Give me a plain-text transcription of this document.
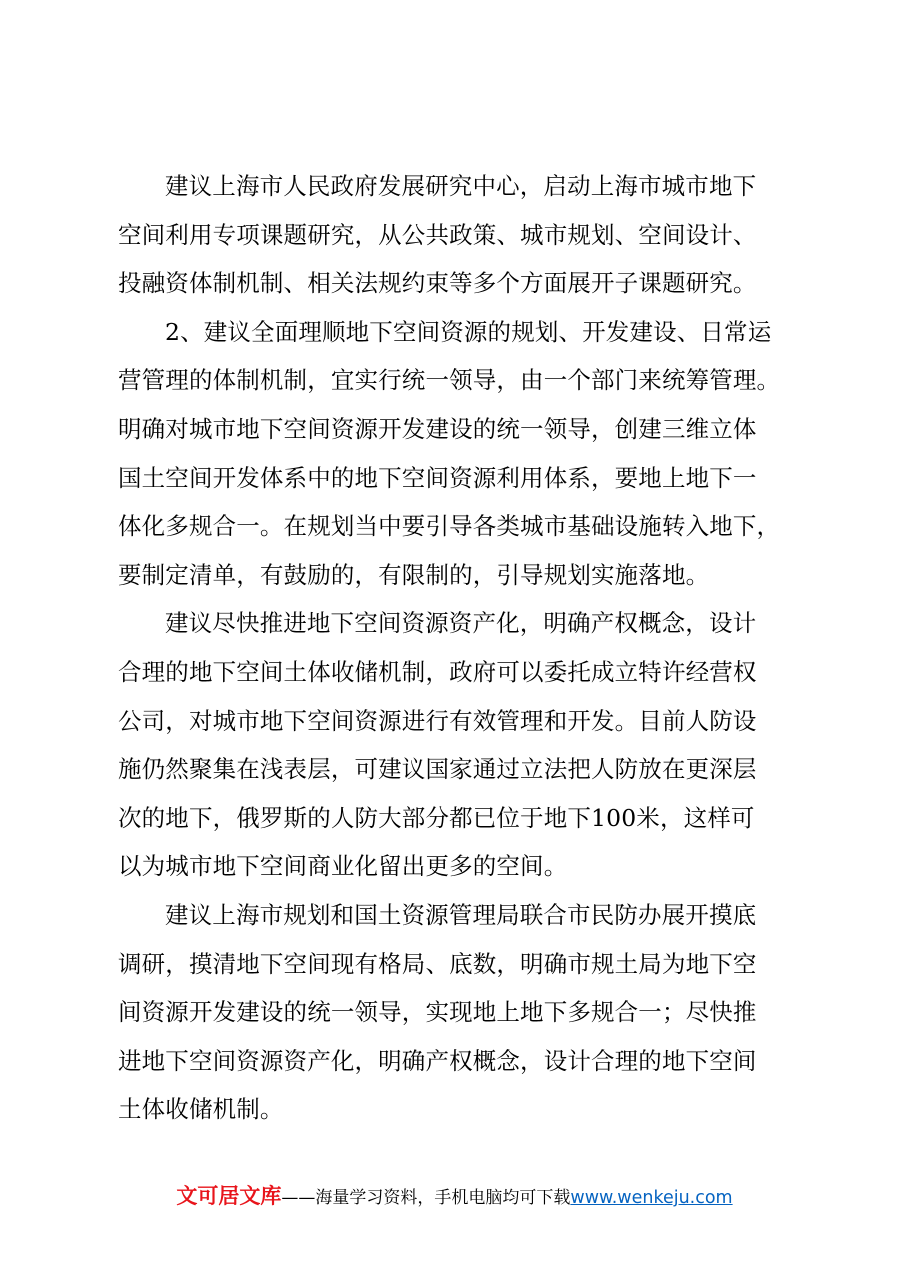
建议上海市人民政府发展研究中心，启动上海市城市地下
空间利用专项课题研究，从公共政策、城市规划、空间设计、
投融资体制机制、相关法规约束等多个方面展开子课题研究。
2、建议全面理顺地下空间资源的规划、开发建设、日常运
营管理的体制机制，宜实行统一领导，由一个部门来统筹管理。
明确对城市地下空间资源开发建设的统一领导，创建三维立体
国土空间开发体系中的地下空间资源利用体系，要地上地下一
体化多规合一。在规划当中要引导各类城市基础设施转入地下，
要制定清单，有鼓励的，有限制的，引导规划实施落地。
建议尽快推进地下空间资源资产化，明确产权概念，设计
合理的地下空间土体收储机制，政府可以委托成立特许经营权
公司，对城市地下空间资源进行有效管理和开发。目前人防设
施仍然聚集在浅表层，可建议国家通过立法把人防放在更深层
次的地下，俄罗斯的人防大部分都已位于地下100米，这样可
以为城市地下空间商业化留出更多的空间。
建议上海市规划和国土资源管理局联合市民防办展开摸底
调研，摸清地下空间现有格局、底数，明确市规土局为地下空
间资源开发建设的统一领导，实现地上地下多规合一；尽快推
进地下空间资源资产化，明确产权概念，设计合理的地下空间
土体收储机制。
文可居文库——海量学习资料，手机电脑均可下载www.wenkeju.com
